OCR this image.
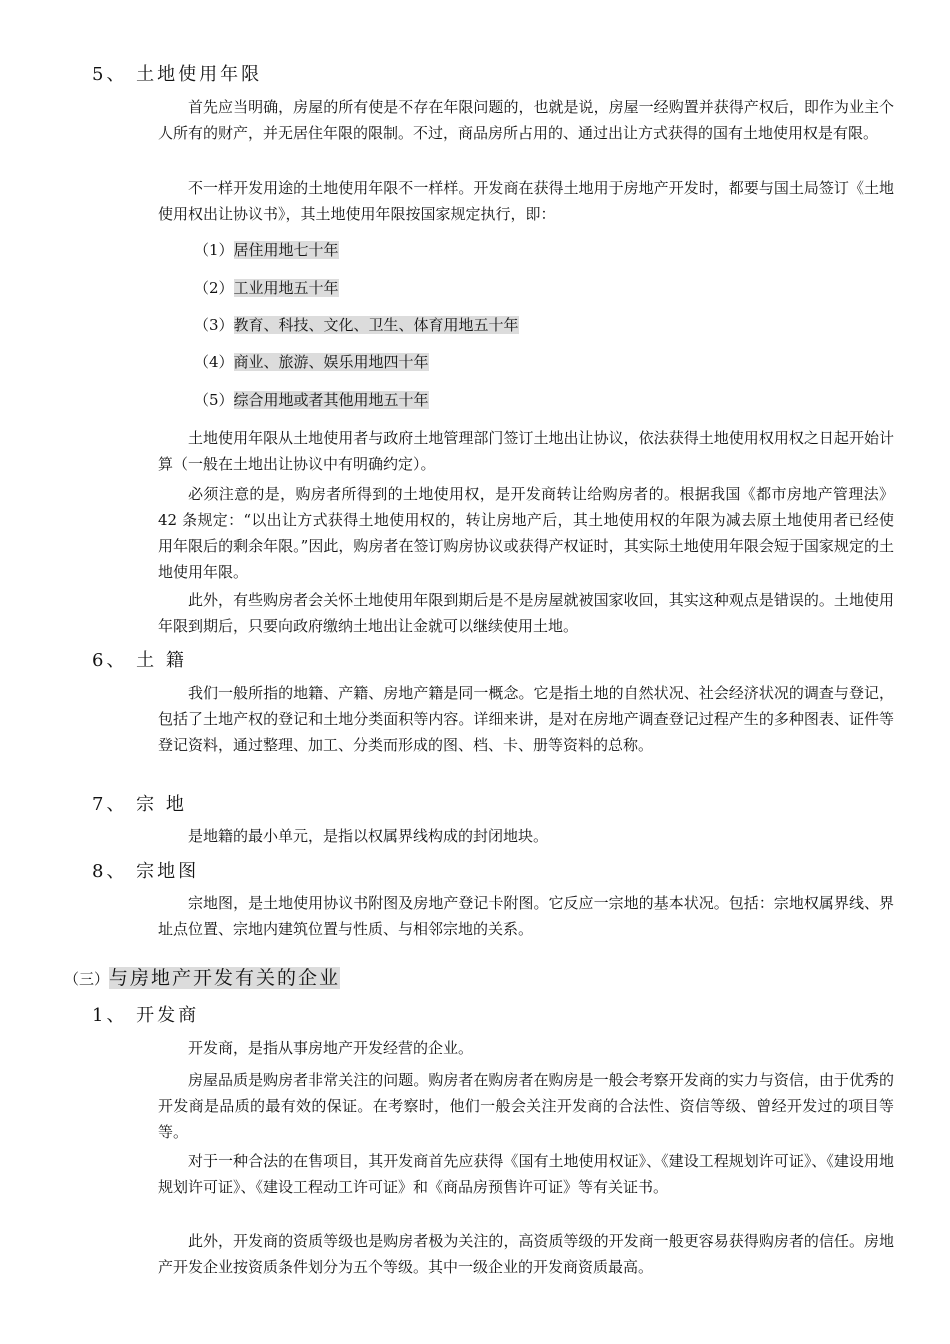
5、 土地使用年限
首先应当明确，房屋的所有使是不存在年限问题的，也就是说，房屋一经购置并获得产权后，即作为业主个人所有的财产，并无居住年限的限制。不过，商品房所占用的、通过出让方式获得的国有土地使用权是有限。
不一样开发用途的土地使用年限不一样样。开发商在获得土地用于房地产开发时，都要与国土局签订《土地使用权出让协议书》，其土地使用年限按国家规定执行，即：
（1）居住用地七十年
（2）工业用地五十年
（3）教育、科技、文化、卫生、体育用地五十年
（4）商业、旅游、娱乐用地四十年
（5）综合用地或者其他用地五十年
土地使用年限从土地使用者与政府土地管理部门签订土地出让协议，依法获得土地使用权用权之日起开始计算（一般在土地出让协议中有明确约定）。
必须注意的是，购房者所得到的土地使用权，是开发商转让给购房者的。根据我国《都市房地产管理法》42 条规定：“以出让方式获得土地使用权的，转让房地产后，其土地使用权的年限为减去原土地使用者已经使用年限后的剩余年限。”因此，购房者在签订购房协议或获得产权证时，其实际土地使用年限会短于国家规定的土地使用年限。
此外，有些购房者会关怀土地使用年限到期后是不是房屋就被国家收回，其实这种观点是错误的。土地使用年限到期后，只要向政府缴纳土地出让金就可以继续使用土地。
6、 土 籍
我们一般所指的地籍、产籍、房地产籍是同一概念。它是指土地的自然状况、社会经济状况的调查与登记，包括了土地产权的登记和土地分类面积等内容。详细来讲，是对在房地产调查登记过程产生的多种图表、证件等登记资料，通过整理、加工、分类而形成的图、档、卡、册等资料的总称。
7、 宗 地
是地籍的最小单元，是指以权属界线构成的封闭地块。
8、 宗地图
宗地图，是土地使用协议书附图及房地产登记卡附图。它反应一宗地的基本状况。包括：宗地权属界线、界址点位置、宗地内建筑位置与性质、与相邻宗地的关系。
（三）与房地产开发有关的企业
1、 开发商
开发商，是指从事房地产开发经营的企业。
房屋品质是购房者非常关注的问题。购房者在购房者在购房是一般会考察开发商的实力与资信，由于优秀的开发商是品质的最有效的保证。在考察时，他们一般会关注开发商的合法性、资信等级、曾经开发过的项目等等。
对于一种合法的在售项目，其开发商首先应获得《国有土地使用权证》、《建设工程规划许可证》、《建设用地规划许可证》、《建设工程动工许可证》和《商品房预售许可证》等有关证书。
此外，开发商的资质等级也是购房者极为关注的，高资质等级的开发商一般更容易获得购房者的信任。房地产开发企业按资质条件划分为五个等级。其中一级企业的开发商资质最高。
